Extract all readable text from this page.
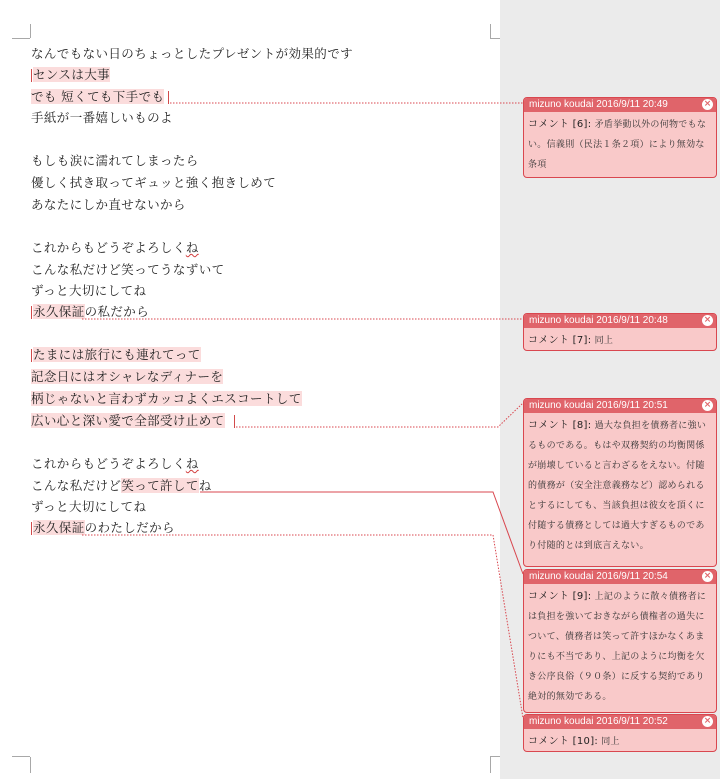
なんでもない日のちょっとしたプレゼントが効果的です
センスは大事
でも 短くても下手でも
手紙が一番嬉しいものよ
もしも涙に濡れてしまったら
優しく拭き取ってギュッと強く抱きしめて
あなたにしか直せないから
これからもどうぞよろしくね
こんな私だけど笑ってうなずいて
ずっと大切にしてね
永久保証の私だから
たまには旅行にも連れてって
記念日にはオシャレなディナーを
柄じゃないと言わずカッコよくエスコートして
広い心と深い愛で全部受け止めて
これからもどうぞよろしくね
こんな私だけど笑って許してね
ずっと大切にしてね
永久保証のわたしだから
mizuno koudai 2016/9/11 20:49	×
コメント [6]: 矛盾挙動以外の何物でもない。信義則（民法１条２項）により無効な条項
mizuno koudai 2016/9/11 20:48	×
コメント [7]: 同上
mizuno koudai 2016/9/11 20:51	×
コメント [8]: 過大な負担を債務者に強いるものである。もはや双務契約の均衡関係が崩壊していると言わざるをえない。付随的債務が（安全注意義務など）認められるとするにしても、当該負担は彼女を頂くに付随する債務としては過大すぎるものであり付随的とは到底言えない。
mizuno koudai 2016/9/11 20:54	×
コメント [9]: 上記のように散々債務者には負担を強いておきながら債権者の過失について、債務者は笑って許すほかなくあまりにも不当であり、上記のように均衡を欠き公序良俗（９０条）に反する契約であり絶対的無効である。
mizuno koudai 2016/9/11 20:52	×
コメント [10]: 同上
